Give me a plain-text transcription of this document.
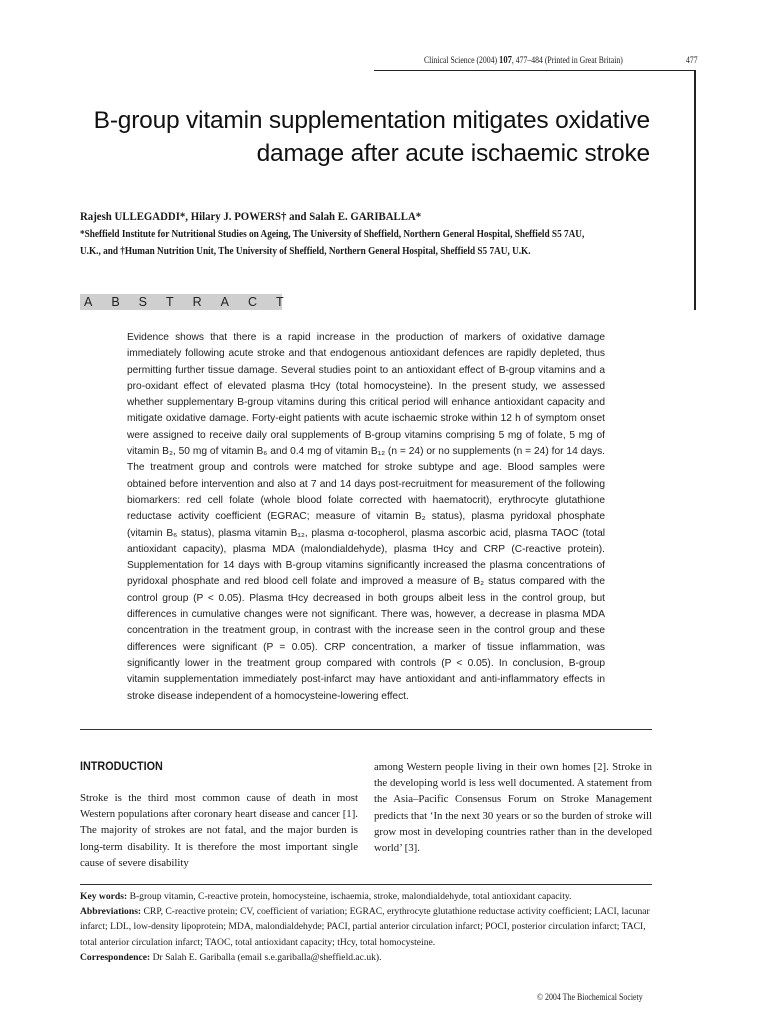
Clinical Science (2004) 107, 477–484 (Printed in Great Britain)	477
B-group vitamin supplementation mitigates oxidative damage after acute ischaemic stroke
Rajesh ULLEGADDI*, Hilary J. POWERS† and Salah E. GARIBALLA*
*Sheffield Institute for Nutritional Studies on Ageing, The University of Sheffield, Northern General Hospital, Sheffield S5 7AU, U.K., and †Human Nutrition Unit, The University of Sheffield, Northern General Hospital, Sheffield S5 7AU, U.K.
ABSTRACT
Evidence shows that there is a rapid increase in the production of markers of oxidative damage immediately following acute stroke and that endogenous antioxidant defences are rapidly depleted, thus permitting further tissue damage. Several studies point to an antioxidant effect of B-group vitamins and a pro-oxidant effect of elevated plasma tHcy (total homocysteine). In the present study, we assessed whether supplementary B-group vitamins during this critical period will enhance antioxidant capacity and mitigate oxidative damage. Forty-eight patients with acute ischaemic stroke within 12 h of symptom onset were assigned to receive daily oral supplements of B-group vitamins comprising 5 mg of folate, 5 mg of vitamin B₂, 50 mg of vitamin B₆ and 0.4 mg of vitamin B₁₂ (n = 24) or no supplements (n = 24) for 14 days. The treatment group and controls were matched for stroke subtype and age. Blood samples were obtained before intervention and also at 7 and 14 days post-recruitment for measurement of the following biomarkers: red cell folate (whole blood folate corrected with haematocrit), erythrocyte glutathione reductase activity coefficient (EGRAC; measure of vitamin B₂ status), plasma pyridoxal phosphate (vitamin B₆ status), plasma vitamin B₁₂, plasma α-tocopherol, plasma ascorbic acid, plasma TAOC (total antioxidant capacity), plasma MDA (malondialdehyde), plasma tHcy and CRP (C-reactive protein). Supplementation for 14 days with B-group vitamins significantly increased the plasma concentrations of pyridoxal phosphate and red blood cell folate and improved a measure of B₂ status compared with the control group (P < 0.05). Plasma tHcy decreased in both groups albeit less in the control group, but differences in cumulative changes were not significant. There was, however, a decrease in plasma MDA concentration in the treatment group, in contrast with the increase seen in the control group and these differences were significant (P = 0.05). CRP concentration, a marker of tissue inflammation, was significantly lower in the treatment group compared with controls (P < 0.05). In conclusion, B-group vitamin supplementation immediately post-infarct may have antioxidant and anti-inflammatory effects in stroke disease independent of a homocysteine-lowering effect.
INTRODUCTION
Stroke is the third most common cause of death in most Western populations after coronary heart disease and cancer [1]. The majority of strokes are not fatal, and the major burden is long-term disability. It is therefore the most important single cause of severe disability
among Western people living in their own homes [2]. Stroke in the developing world is less well documented. A statement from the Asia–Pacific Consensus Forum on Stroke Management predicts that ‘In the next 30 years or so the burden of stroke will grow most in developing countries rather than in the developed world’ [3].
Key words: B-group vitamin, C-reactive protein, homocysteine, ischaemia, stroke, malondialdehyde, total antioxidant capacity.
Abbreviations: CRP, C-reactive protein; CV, coefficient of variation; EGRAC, erythrocyte glutathione reductase activity coefficient; LACI, lacunar infarct; LDL, low-density lipoprotein; MDA, malondialdehyde; PACI, partial anterior circulation infarct; POCI, posterior circulation infarct; TACI, total anterior circulation infarct; TAOC, total antioxidant capacity; tHcy, total homocysteine.
Correspondence: Dr Salah E. Gariballa (email s.e.gariballa@sheffield.ac.uk).
© 2004 The Biochemical Society
